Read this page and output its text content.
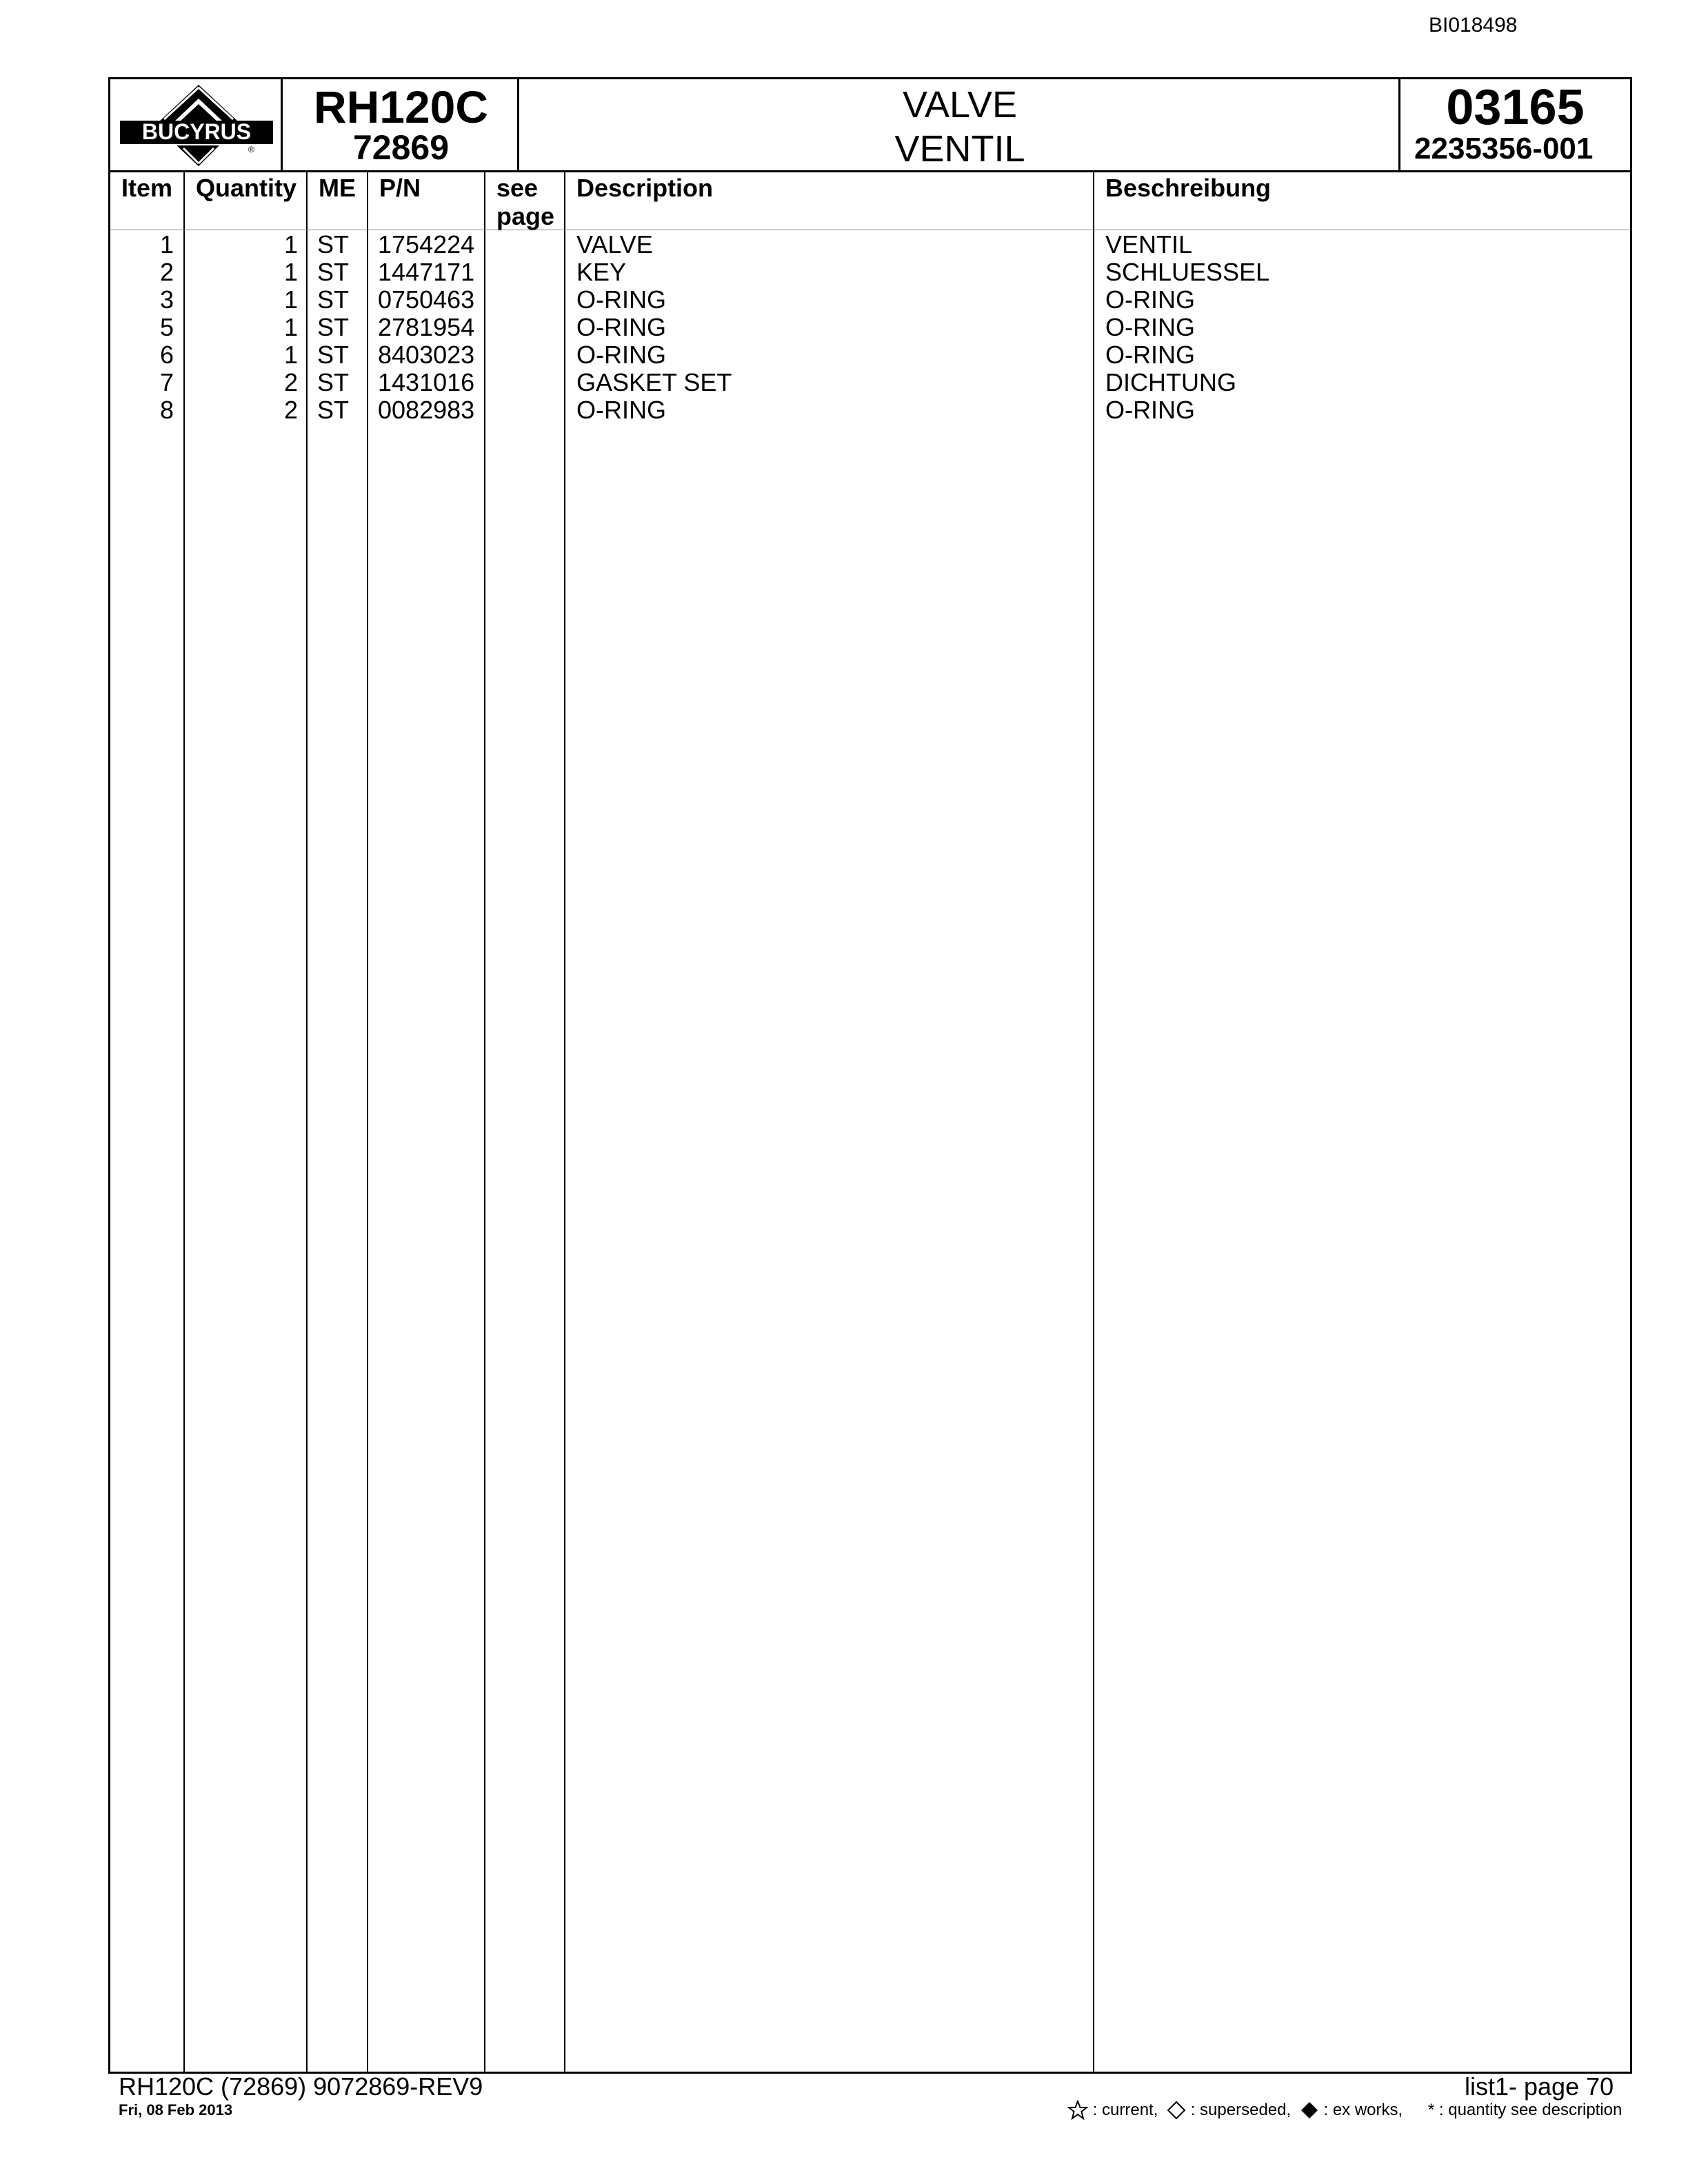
BI018498
BUCYRUS
®
RH120C
72869
VALVE
VENTIL
03165
2235356-001
Item Quantity ME P/N	see
page
Description	Beschreibung
1	1 ST 1754224	VALVE	VENTIL
2	1 ST 1447171	KEY	SCHLUESSEL
3	1 ST 0750463	O-RING	O-RING
5	1 ST 2781954	O-RING	O-RING
6	1 ST 8403023	O-RING	O-RING
7	2 ST 1431016	GASKET SET	DICHTUNG
8	2 ST 0082983	O-RING	O-RING
RH120C (72869) 9072869-REV9
Fri, 08 Feb 2013
list1- page 70
: current, : superseded, : ex works, * : quantity see description
